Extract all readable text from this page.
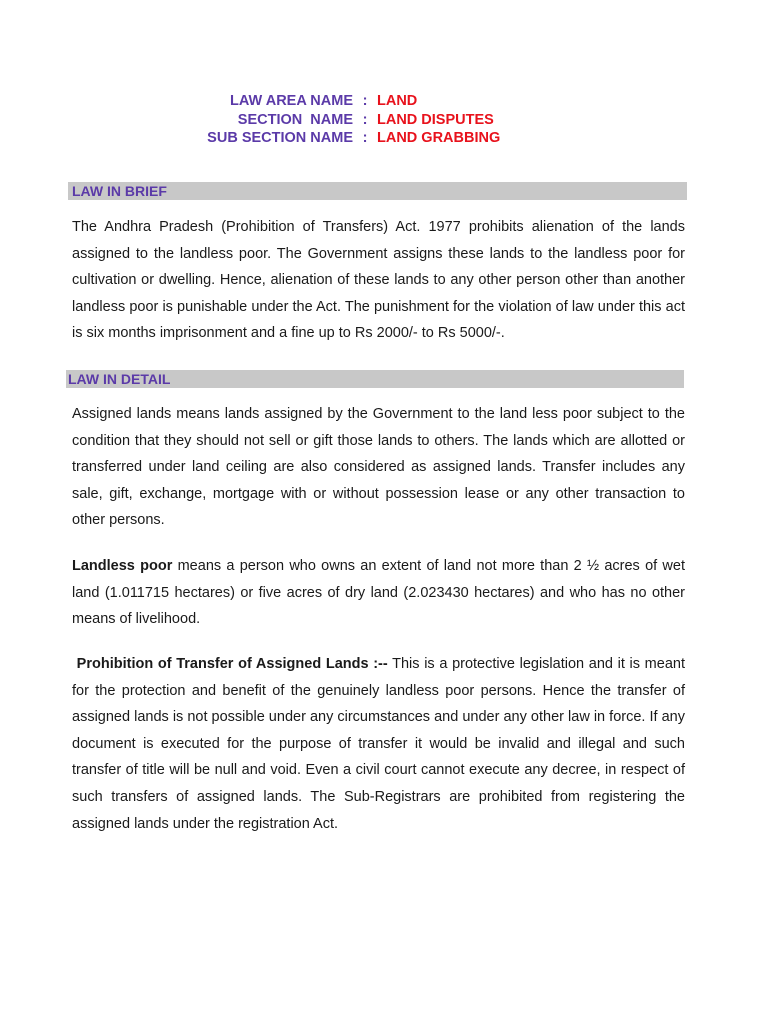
LAW AREA NAME : LAND
SECTION  NAME : LAND DISPUTES
SUB SECTION NAME : LAND GRABBING
LAW IN BRIEF

The Andhra Pradesh (Prohibition of Transfers) Act. 1977 prohibits alienation of the lands assigned to the landless poor. The Government assigns these lands to the landless poor for cultivation or dwelling. Hence, alienation of these lands to any other person other than another landless poor is punishable under the Act. The punishment for the violation of law under this act is six months imprisonment and a fine up to Rs 2000/- to Rs 5000/-.

LAW IN DETAIL

Assigned lands means lands assigned by the Government to the land less poor subject to the condition that they should not sell or gift those lands to others. The lands which are allotted or transferred under land ceiling are also considered as assigned lands. Transfer includes any sale, gift, exchange, mortgage with or without possession lease or any other transaction to other persons.

Landless poor means a person who owns an extent of land not more than 2 ½ acres of wet land (1.011715 hectares) or five acres of dry land (2.023430 hectares) and who has no other means of livelihood.

Prohibition of Transfer of Assigned Lands :-- This is a protective legislation and it is meant for the protection and benefit of the genuinely landless poor persons. Hence the transfer of assigned lands is not possible under any circumstances and under any other law in force. If any document is executed for the purpose of transfer it would be invalid and illegal and such transfer of title will be null and void. Even a civil court cannot execute any decree, in respect of such transfers of assigned lands. The Sub-Registrars are prohibited from registering the assigned lands under the registration Act.
